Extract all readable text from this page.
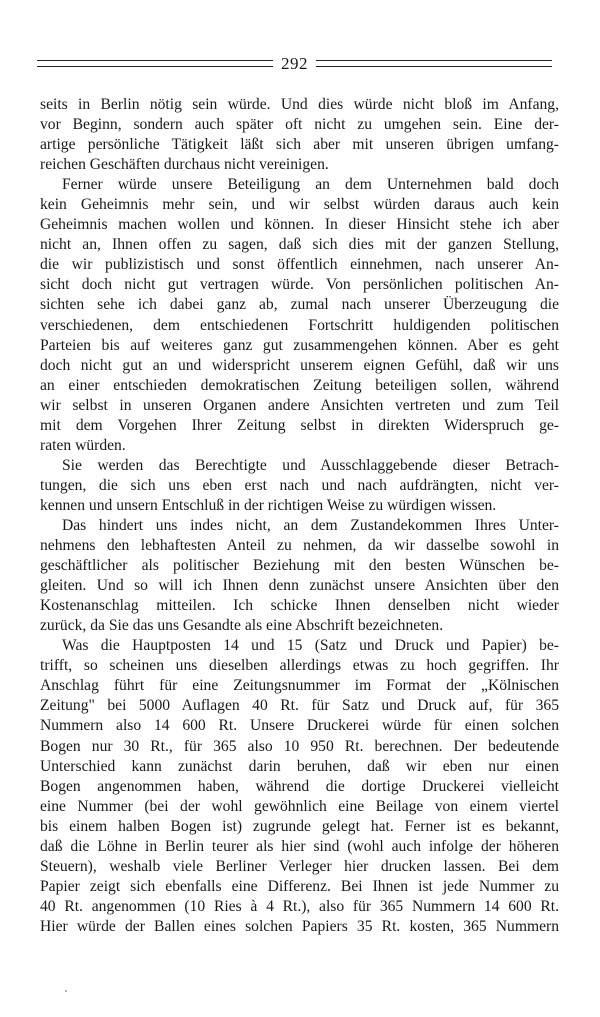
292

seits in Berlin nötig sein würde. Und dies würde nicht bloß im Anfang,

vor Beginn, sondern auch später oft nicht zu umgehen sein. Eine der-

artige persönliche Tätigkeit läßt sich aber mit unseren übrigen umfang-

reichen Geschäften durchaus nicht vereinigen.

Ferner würde unsere Beteiligung an dem Unternehmen bald doch

kein Geheimnis mehr sein, und wir selbst würden daraus auch kein

Geheimnis machen wollen und können. In dieser Hinsicht stehe ich aber

nicht an, Ihnen offen zu sagen, daß sich dies mit der ganzen Stellung,

die wir publizistisch und sonst öffentlich einnehmen, nach unserer An-

sicht doch nicht gut vertragen würde. Von persönlichen politischen An-

sichten sehe ich dabei ganz ab, zumal nach unserer Überzeugung die

verschiedenen, dem entschiedenen Fortschritt huldigenden politischen

Parteien bis auf weiteres ganz gut zusammengehen können. Aber es geht

doch nicht gut an und widerspricht unserem eignen Gefühl, daß wir uns

an einer entschieden demokratischen Zeitung beteiligen sollen, während

wir selbst in unseren Organen andere Ansichten vertreten und zum Teil

mit dem Vorgehen Ihrer Zeitung selbst in direkten Widerspruch ge-

raten würden.

Sie werden das Berechtigte und Ausschlaggebende dieser Betrach-

tungen, die sich uns eben erst nach und nach aufdrängten, nicht ver-

kennen und unsern Entschluß in der richtigen Weise zu würdigen wissen.

Das hindert uns indes nicht, an dem Zustandekommen Ihres Unter-

nehmens den lebhaftesten Anteil zu nehmen, da wir dasselbe sowohl in

geschäftlicher als politischer Beziehung mit den besten Wünschen be-

gleiten. Und so will ich Ihnen denn zunächst unsere Ansichten über den

Kostenanschlag mitteilen. Ich schicke Ihnen denselben nicht wieder

zurück, da Sie das uns Gesandte als eine Abschrift bezeichneten.

Was die Hauptposten 14 und 15 (Satz und Druck und Papier) be-

trifft, so scheinen uns dieselben allerdings etwas zu hoch gegriffen. Ihr

Anschlag führt für eine Zeitungsnummer im Format der „Kölnischen

Zeitung" bei 5000 Auflagen 40 Rt. für Satz und Druck auf, für 365

Nummern also 14 600 Rt. Unsere Druckerei würde für einen solchen

Bogen nur 30 Rt., für 365 also 10 950 Rt. berechnen. Der bedeutende

Unterschied kann zunächst darin beruhen, daß wir eben nur einen

Bogen angenommen haben, während die dortige Druckerei vielleicht

eine Nummer (bei der wohl gewöhnlich eine Beilage von einem viertel

bis einem halben Bogen ist) zugrunde gelegt hat. Ferner ist es bekannt,

daß die Löhne in Berlin teurer als hier sind (wohl auch infolge der höheren

Steuern), weshalb viele Berliner Verleger hier drucken lassen. Bei dem

Papier zeigt sich ebenfalls eine Differenz. Bei Ihnen ist jede Nummer zu

40 Rt. angenommen (10 Ries à 4 Rt.), also für 365 Nummern 14 600 Rt.

Hier würde der Ballen eines solchen Papiers 35 Rt. kosten, 365 Nummern
